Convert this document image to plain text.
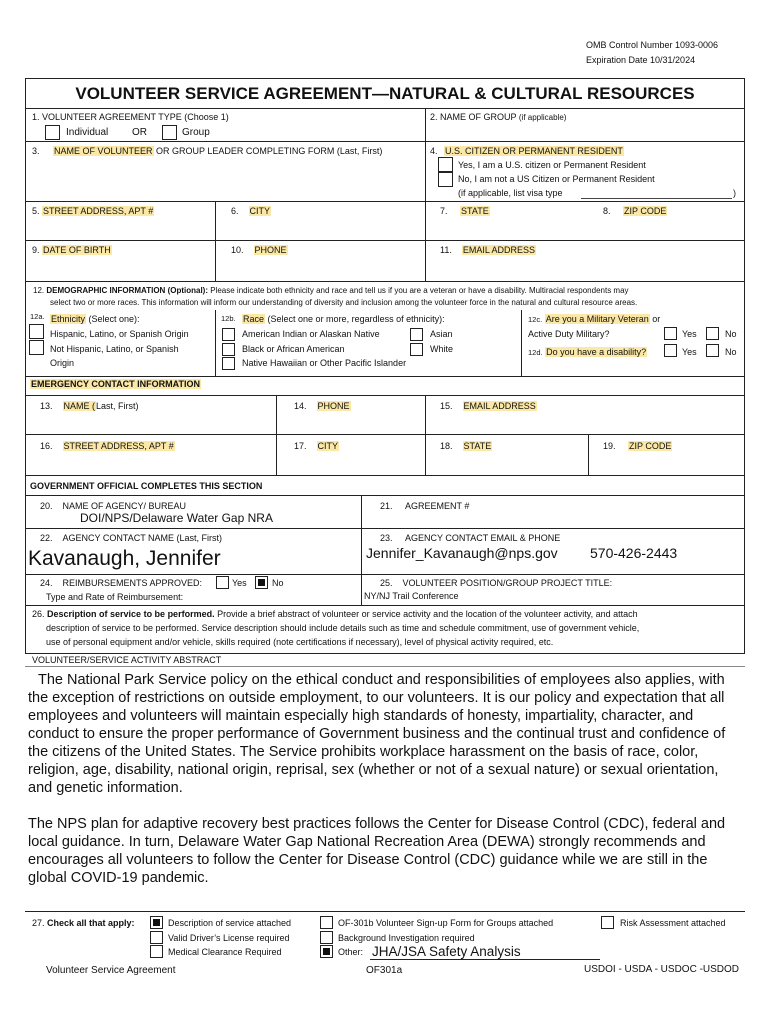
OMB Control Number 1093-0006
Expiration Date 10/31/2024
VOLUNTEER SERVICE AGREEMENT—NATURAL & CULTURAL RESOURCES
1. VOLUNTEER AGREEMENT TYPE (Choose 1)
Individual OR	Group
2. NAME OF GROUP (if applicable)
3. NAME OF VOLUNTEER OR GROUP LEADER COMPLETING FORM (Last, First)	4. U.S. CITIZEN OR PERMANENT RESIDENT
Yes, I am a U.S. citizen or Permanent Resident
No, I am not a US Citizen or Permanent Resident
(if applicable, list visa type	)
5. STREET ADDRESS, APT #	6. CITY	7. STATE	8. ZIP CODE
9. DATE OF BIRTH	10. PHONE	11. EMAIL ADDRESS
12. DEMOGRAPHIC INFORMATION (Optional): Please indicate both ethnicity and race and tell us if you are a veteran or have a disability. Multiracial respondents may
select two or more races. This information will inform our understanding of diversity and inclusion among the volunteer force in the natural and cultural resource areas.
12a. Ethnicity (Select one):
Hispanic, Latino, or Spanish Origin
Not Hispanic, Latino, or Spanish
Origin
12b. Race (Select one or more, regardless of ethnicity):
American Indian or Alaskan Native	Asian
Black or African American	White
Native Hawaiian or Other Pacific Islander
12c. Are you a Military Veteran or
Active Duty Military?	Yes	No
12d. Do you have a disability?	Yes	No
EMERGENCY CONTACT INFORMATION
13. NAME (Last, First)	14. PHONE	15. EMAIL ADDRESS
16. STREET ADDRESS, APT #	17. CITY	18. STATE	19. ZIP CODE
GOVERNMENT OFFICIAL COMPLETES THIS SECTION
20. NAME OF AGENCY/ BUREAU
DOI/NPS/Delaware Water Gap NRA
21. AGREEMENT #
22. AGENCY CONTACT NAME (Last, First)
Kavanaugh, Jennifer
23. AGENCY CONTACT EMAIL & PHONE
Jennifer_Kavanaugh@nps.gov 570-426-2443
24. REIMBURSEMENTS APPROVED:	Yes	No
Type and Rate of Reimbursement:
25. VOLUNTEER POSITION/GROUP PROJECT TITLE:
NY/NJ Trail Conference
26. Description of service to be performed. Provide a brief abstract of volunteer or service activity and the location of the volunteer activity, and attach
description of service to be performed. Service description should include details such as time and schedule commitment, use of government vehicle,
use of personal equipment and/or vehicle, skills required (note certifications if necessary), level of physical activity required, etc.
VOLUNTEER/SERVICE ACTIVITY ABSTRACT

The National Park Service policy on the ethical conduct and responsibilities of employees also applies, with the exception of restrictions on outside employment, to our volunteers. It is our policy and expectation that all employees and volunteers will maintain especially high standards of honesty, impartiality, character, and conduct to ensure the proper performance of Government business and the continual trust and confidence of the citizens of the United States. The Service prohibits workplace harassment on the basis of race, color, religion, age, disability, national origin, reprisal, sex (whether or not of a sexual nature) or sexual orientation, and genetic information.

The NPS plan for adaptive recovery best practices follows the Center for Disease Control (CDC), federal and local guidance. In turn, Delaware Water Gap National Recreation Area (DEWA) strongly recommends and encourages all volunteers to follow the Center for Disease Control (CDC) guidance while we are still in the global COVID-19 pandemic.

27. Check all that apply:	Description of service attached	OF-301b Volunteer Sign-up Form for Groups attached	Risk Assessment attached
Valid Driver’s License required	Background Investigation required
Medical Clearance Required	Other: JHA/JSA Safety Analysis
Volunteer Service Agreement	OF301a	USDOI - USDA - USDOC -USDOD
